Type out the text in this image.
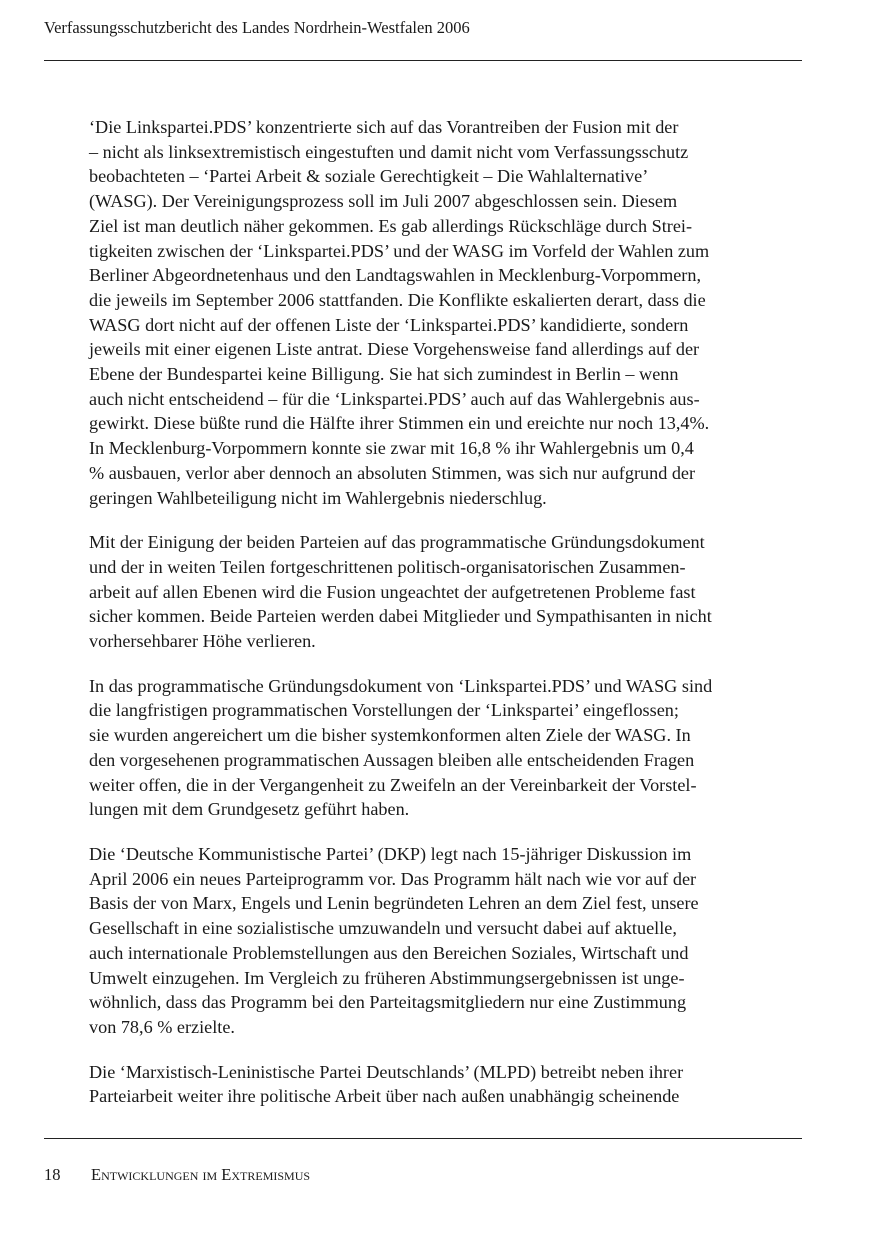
Verfassungsschutzbericht des Landes Nordrhein-Westfalen 2006

‘Die Linkspartei.PDS’ konzentrierte sich auf das Vorantreiben der Fusion mit der
– nicht als linksextremistisch eingestuften und damit nicht vom Verfassungsschutz
beobachteten – ‘Partei Arbeit & soziale Gerechtigkeit – Die Wahlalternative’
(WASG). Der Vereinigungsprozess soll im Juli 2007 abgeschlossen sein. Diesem
Ziel ist man deutlich näher gekommen. Es gab allerdings Rückschläge durch Strei-
tigkeiten zwischen der ‘Linkspartei.PDS’ und der WASG im Vorfeld der Wahlen zum
Berliner Abgeordnetenhaus und den Landtagswahlen in Mecklenburg-Vorpommern,
die jeweils im September 2006 stattfanden. Die Konflikte eskalierten derart, dass die
WASG dort nicht auf der offenen Liste der ‘Linkspartei.PDS’ kandidierte, sondern
jeweils mit einer eigenen Liste antrat. Diese Vorgehensweise fand allerdings auf der
Ebene der Bundespartei keine Billigung. Sie hat sich zumindest in Berlin – wenn
auch nicht entscheidend – für die ‘Linkspartei.PDS’ auch auf das Wahlergebnis aus-
gewirkt. Diese büßte rund die Hälfte ihrer Stimmen ein und ereichte nur noch 13,4%.
In Mecklenburg-Vorpommern konnte sie zwar mit 16,8 % ihr Wahlergebnis um 0,4
% ausbauen, verlor aber dennoch an absoluten Stimmen, was sich nur aufgrund der
geringen Wahlbeteiligung nicht im Wahlergebnis niederschlug.

Mit der Einigung der beiden Parteien auf das programmatische Gründungsdokument
und der in weiten Teilen fortgeschrittenen politisch-organisatorischen Zusammen-
arbeit auf allen Ebenen wird die Fusion ungeachtet der aufgetretenen Probleme fast
sicher kommen. Beide Parteien werden dabei Mitglieder und Sympathisanten in nicht
vorhersehbarer Höhe verlieren.

In das programmatische Gründungsdokument von ‘Linkspartei.PDS’ und WASG sind
die langfristigen programmatischen Vorstellungen der ‘Linkspartei’ eingeflossen;
sie wurden angereichert um die bisher systemkonformen alten Ziele der WASG. In
den vorgesehenen programmatischen Aussagen bleiben alle entscheidenden Fragen
weiter offen, die in der Vergangenheit zu Zweifeln an der Vereinbarkeit der Vorstel-
lungen mit dem Grundgesetz geführt haben.

Die ‘Deutsche Kommunistische Partei’ (DKP) legt nach 15-jähriger Diskussion im
April 2006 ein neues Parteiprogramm vor. Das Programm hält nach wie vor auf der
Basis der von Marx, Engels und Lenin begründeten Lehren an dem Ziel fest, unsere
Gesellschaft in eine sozialistische umzuwandeln und versucht dabei auf aktuelle,
auch internationale Problemstellungen aus den Bereichen Soziales, Wirtschaft und
Umwelt einzugehen. Im Vergleich zu früheren Abstimmungsergebnissen ist unge-
wöhnlich, dass das Programm bei den Parteitagsmitgliedern nur eine Zustimmung
von 78,6 % erzielte.

Die ‘Marxistisch-Leninistische Partei Deutschlands’ (MLPD) betreibt neben ihrer
Parteiarbeit weiter ihre politische Arbeit über nach außen unabhängig scheinende

18 Entwicklungen im Extremismus
